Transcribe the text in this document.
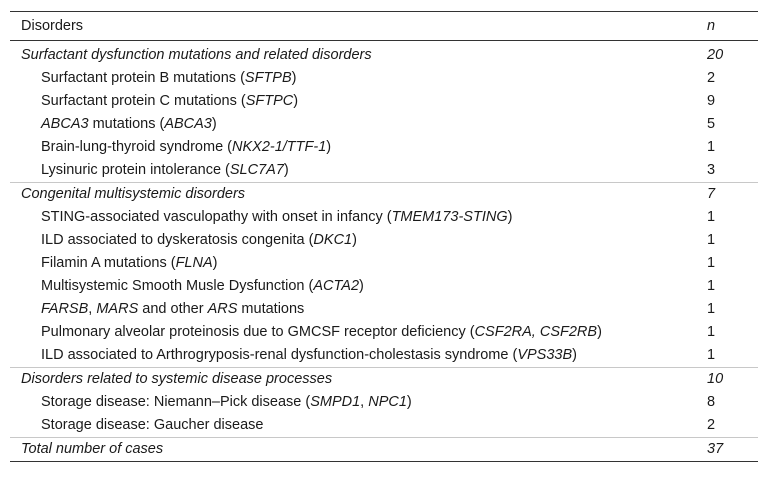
Disorders	n
Surfactant dysfunction mutations and related disorders	20
Surfactant protein B mutations (SFTPB)	2
Surfactant protein C mutations (SFTPC)	9
ABCA3 mutations (ABCA3)	5
Brain-lung-thyroid syndrome (NKX2-1/TTF-1)	1
Lysinuric protein intolerance (SLC7A7)	3
Congenital multisystemic disorders	7
STING-associated vasculopathy with onset in infancy (TMEM173-STING)	1
ILD associated to dyskeratosis congenita (DKC1)	1
Filamin A mutations (FLNA)	1
Multisystemic Smooth Musle Dysfunction (ACTA2)	1
FARSB, MARS and other ARS mutations	1
Pulmonary alveolar proteinosis due to GMCSF receptor deficiency (CSF2RA, CSF2RB)	1
ILD associated to Arthrogryposis-renal dysfunction-cholestasis syndrome (VPS33B)	1
Disorders related to systemic disease processes	10
Storage disease: Niemann–Pick disease (SMPD1, NPC1)	8
Storage disease: Gaucher disease	2
Total number of cases	37
